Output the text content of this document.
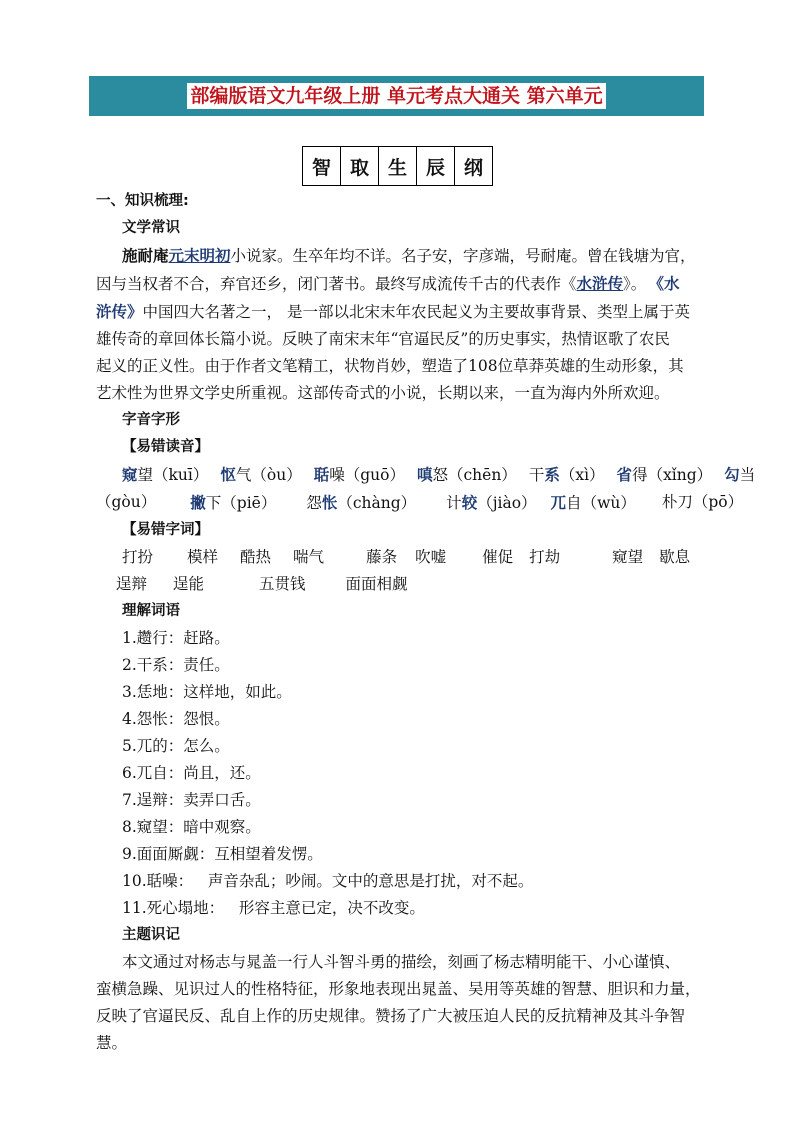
部编版语文九年级上册 单元考点大通关 第六单元
智 取 生 辰 纲
一、知识梳理:
文学常识
施耐庵元末明初小说家。生卒年均不详。名子安，字彦端，号耐庵。曾在钱塘为官，
因与当权者不合，弃官还乡，闭门著书。最终写成流传千古的代表作《水浒传》。 《水
浒传》中国四大名著之一， 是一部以北宋末年农民起义为主要故事背景、类型上属于英
雄传奇的章回体长篇小说。反映了南宋末年“官逼民反”的历史事实，热情讴歌了农民
起义的正义性。由于作者文笔精工，状物肖妙，塑造了108位草莽英雄的生动形象，其
艺术性为世界文学史所重视。这部传奇式的小说，长期以来，一直为海内外所欢迎。
字音字形
【易错读音】
窥望（kuī） 怄气（òu） 聒噪（guō） 嗔怒（chēn） 干系（xì） 省得（xǐng） 勾当
（gòu） 撇下（piē） 怨怅（chàng） 计较（jiào） 兀自（wù） 朴刀（pō）
【易错字词】
打扮 模样 酷热 喘气	藤条 吹嘘 催促 打劫	窥望 歇息
逞辩 逞能	五贯钱	面面相觑
理解词语
1.趱行：赶路。
2.干系：责任。
3.恁地：这样地，如此。
4.怨怅：怨恨。
5.兀的：怎么。
6.兀自：尚且，还。
7.逞辩：卖弄口舌。
8.窥望：暗中观察。
9.面面厮觑：互相望着发愣。
10.聒噪：   声音杂乱；吵闹。文中的意思是打扰，对不起。
11.死心塌地：   形容主意已定，决不改变。
主题识记
本文通过对杨志与晁盖一行人斗智斗勇的描绘，刻画了杨志精明能干、小心谨慎、
蛮横急躁、见识过人的性格特征，形象地表现出晁盖、吴用等英雄的智慧、胆识和力量，
反映了官逼民反、乱自上作的历史规律。赞扬了广大被压迫人民的反抗精神及其斗争智
慧。
